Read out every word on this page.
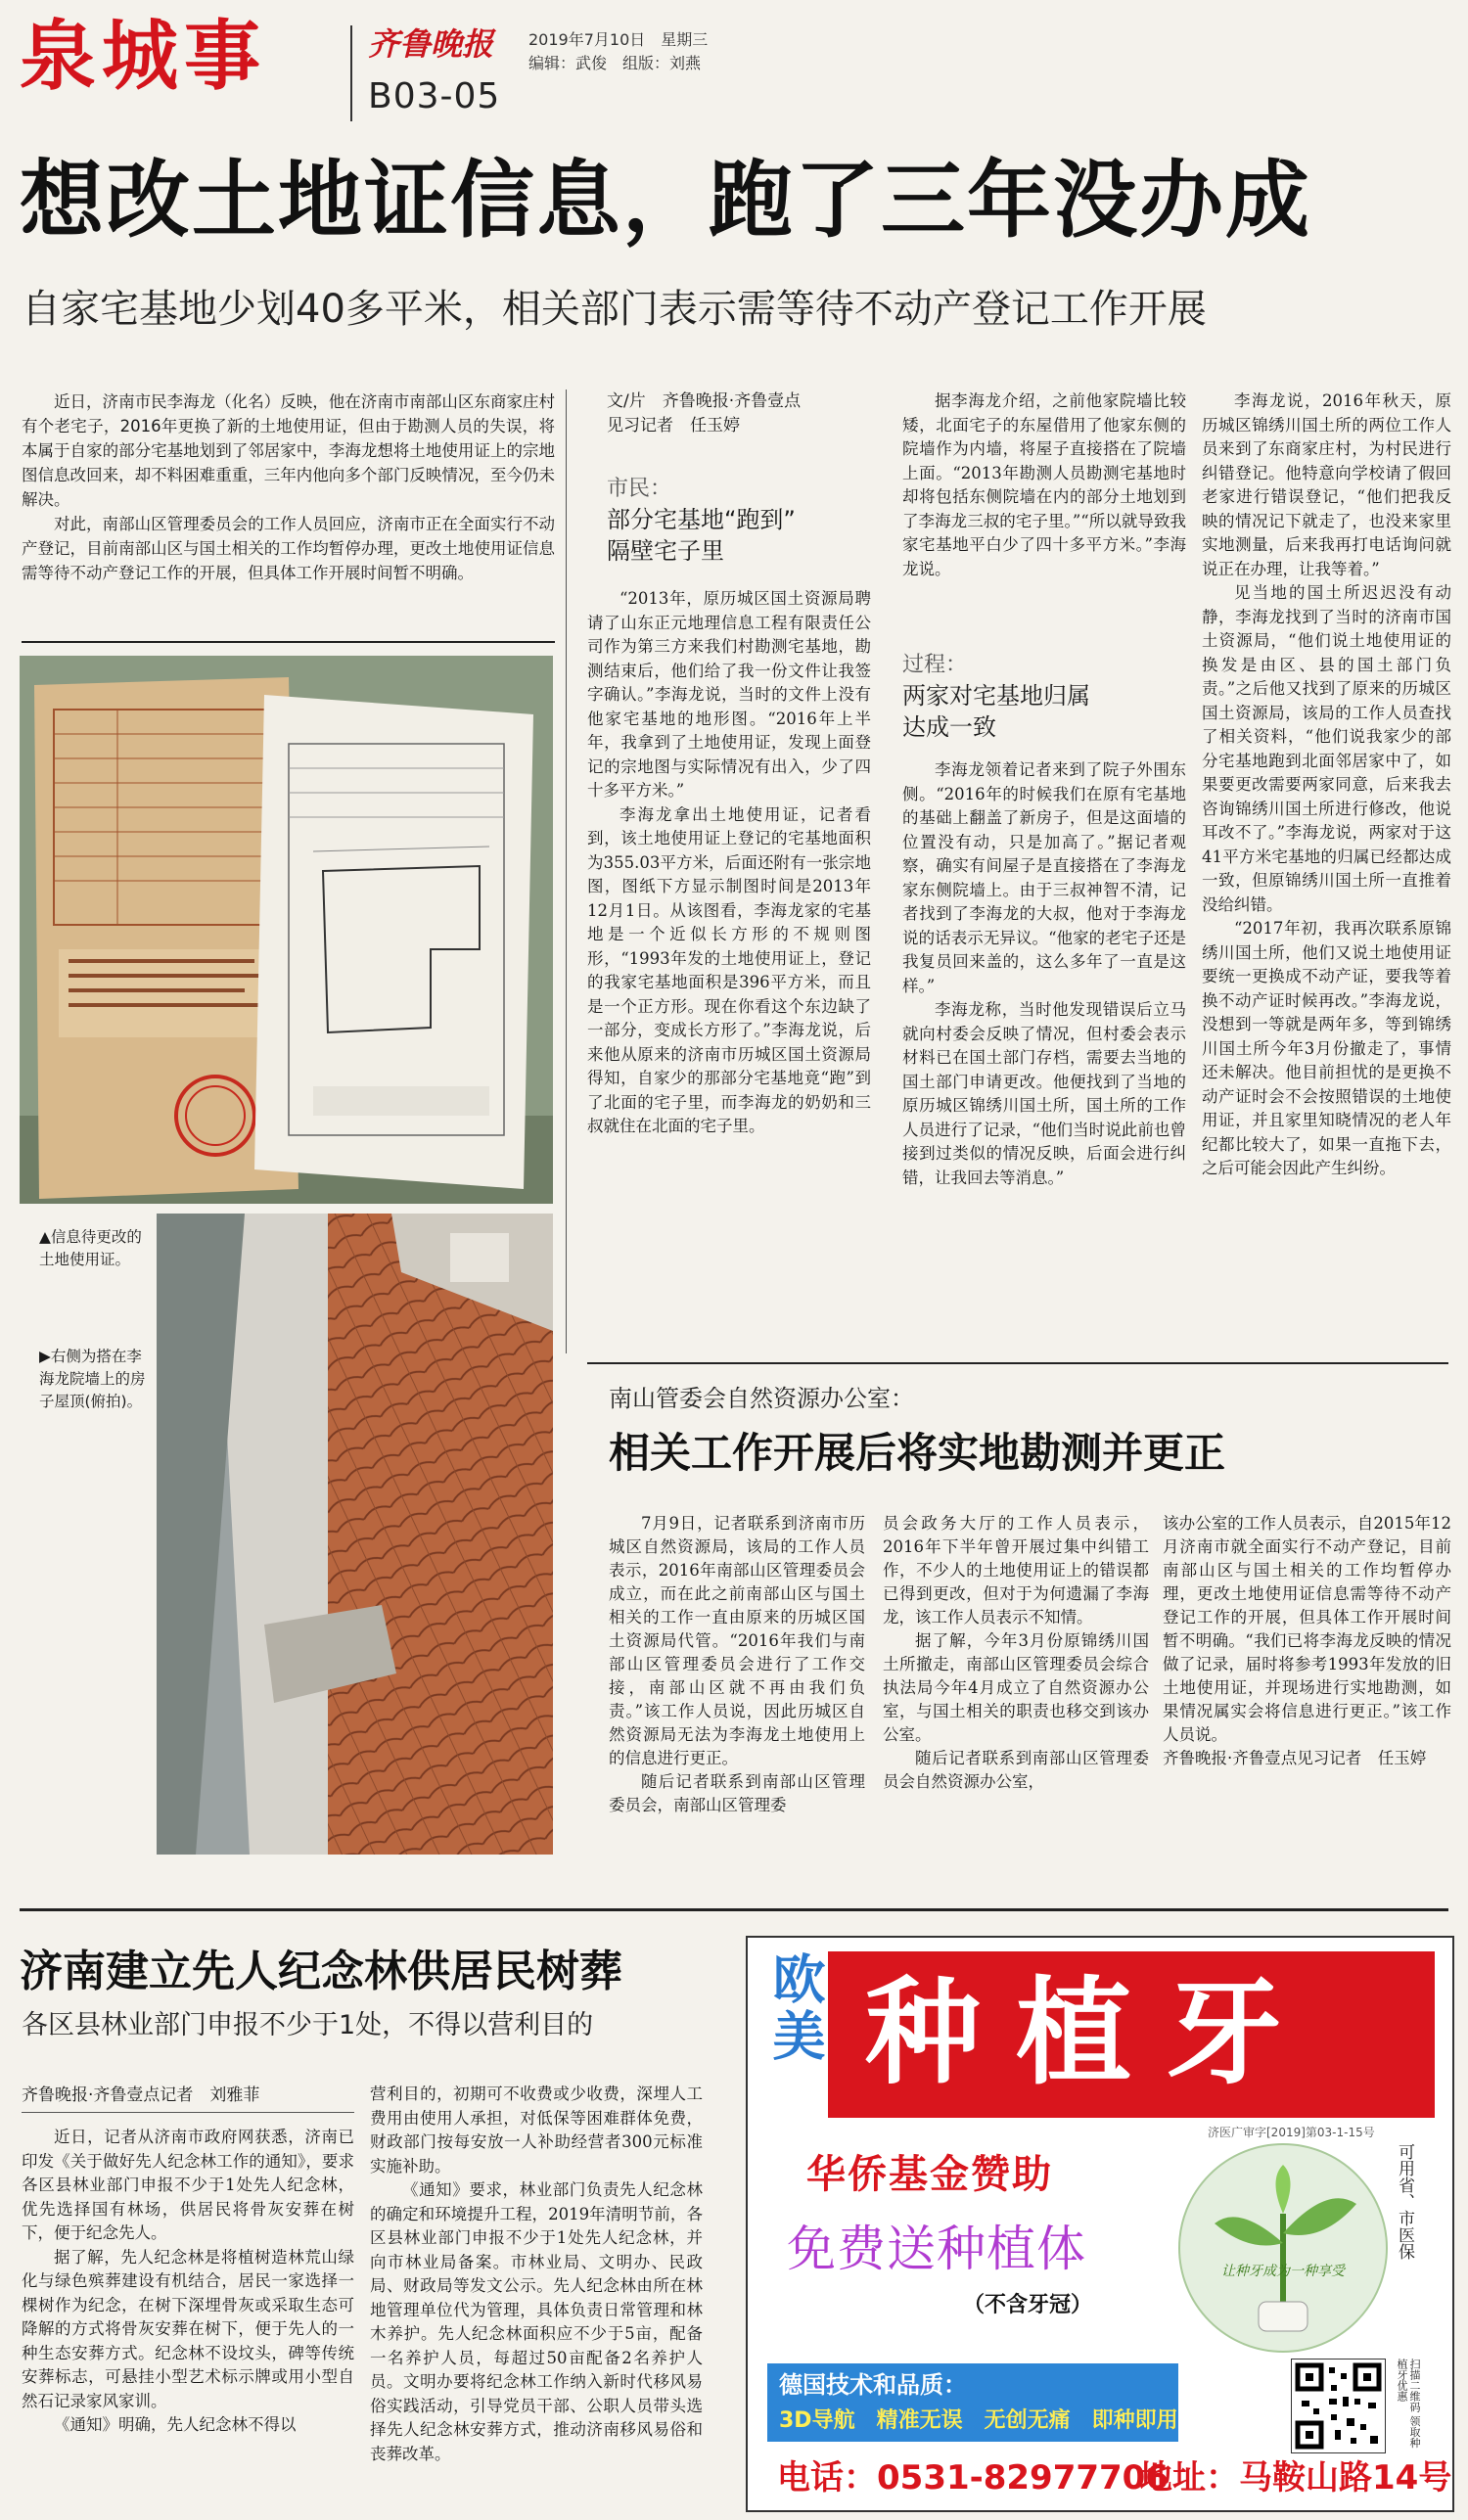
泉城事	齐鲁晚报 2019年7月10日　星期三
编辑：武俊　组版：刘燕
B03-05
想改土地证信息，跑了三年没办成
自家宅基地少划40多平米，相关部门表示需等待不动产登记工作开展

近日，济南市民李海龙（化名）反映，他在济南市南部山区东商家庄村有个老宅子，2016年更换了新的土地使用证，但由于勘测人员的失误，将本属于自家的部分宅基地划到了邻居家中，李海龙想将土地使用证上的宗地图信息改回来，却不料困难重重，三年内他向多个部门反映情况，至今仍未解决。

对此，南部山区管理委员会的工作人员回应，济南市正在全面实行不动产登记，目前南部山区与国土相关的工作均暂停办理，更改土地使用证信息需等待不动产登记工作的开展，但具体工作开展时间暂不明确。

▲信息待更改的土地使用证。
▶右侧为搭在李海龙院墙上的房子屋顶(俯拍)。
文/片　齐鲁晚报·齐鲁壹点
见习记者　任玉婷
市民：
部分宅基地“跑到”
隔壁宅子里

“2013年，原历城区国土资源局聘请了山东正元地理信息工程有限责任公司作为第三方来我们村勘测宅基地，勘测结束后，他们给了我一份文件让我签字确认。”李海龙说，当时的文件上没有他家宅基地的地形图。“2016年上半年，我拿到了土地使用证，发现上面登记的宗地图与实际情况有出入，少了四十多平方米。”

李海龙拿出土地使用证，记者看到，该土地使用证上登记的宅基地面积为355.03平方米，后面还附有一张宗地图，图纸下方显示制图时间是2013年12月1日。从该图看，李海龙家的宅基地是一个近似长方形的不规则图形，“1993年发的土地使用证上，登记的我家宅基地面积是396平方米，而且是一个正方形。现在你看这个东边缺了一部分，变成长方形了。”李海龙说，后来他从原来的济南市历城区国土资源局得知，自家少的那部分宅基地竟“跑”到了北面的宅子里，而李海龙的奶奶和三叔就住在北面的宅子里。

据李海龙介绍，之前他家院墙比较矮，北面宅子的东屋借用了他家东侧的院墙作为内墙，将屋子直接搭在了院墙上面。“2013年勘测人员勘测宅基地时却将包括东侧院墙在内的部分土地划到了李海龙三叔的宅子里。”“所以就导致我家宅基地平白少了四十多平方米。”李海龙说。

过程：
两家对宅基地归属
达成一致

李海龙领着记者来到了院子外围东侧。“2016年的时候我们在原有宅基地的基础上翻盖了新房子，但是这面墙的位置没有动，只是加高了。”据记者观察，确实有间屋子是直接搭在了李海龙家东侧院墙上。由于三叔神智不清，记者找到了李海龙的大叔，他对于李海龙说的话表示无异议。“他家的老宅子还是我复员回来盖的，这么多年了一直是这样。”

李海龙称，当时他发现错误后立马就向村委会反映了情况，但村委会表示材料已在国土部门存档，需要去当地的国土部门申请更改。他便找到了当地的原历城区锦绣川国土所，国土所的工作人员进行了记录，“他们当时说此前也曾接到过类似的情况反映，后面会进行纠错，让我回去等消息。”

李海龙说，2016年秋天，原历城区锦绣川国土所的两位工作人员来到了东商家庄村，为村民进行纠错登记。他特意向学校请了假回老家进行错误登记，“他们把我反映的情况记下就走了，也没来家里实地测量，后来我再打电话询问就说正在办理，让我等着。”

见当地的国土所迟迟没有动静，李海龙找到了当时的济南市国土资源局，“他们说土地使用证的换发是由区、县的国土部门负责。”之后他又找到了原来的历城区国土资源局，该局的工作人员查找了相关资料，“他们说我家少的部分宅基地跑到北面邻居家中了，如果要更改需要两家同意，后来我去咨询锦绣川国土所进行修改，他说耳改不了。”李海龙说，两家对于这41平方米宅基地的归属已经都达成一致，但原锦绣川国土所一直推着没给纠错。

“2017年初，我再次联系原锦绣川国土所，他们又说土地使用证要统一更换成不动产证，要我等着换不动产证时候再改。”李海龙说，没想到一等就是两年多，等到锦绣川国土所今年3月份撤走了，事情还未解决。他目前担忧的是更换不动产证时会不会按照错误的土地使用证，并且家里知晓情况的老人年纪都比较大了，如果一直拖下去，之后可能会因此产生纠纷。

南山管委会自然资源办公室：
相关工作开展后将实地勘测并更正

7月9日，记者联系到济南市历城区自然资源局，该局的工作人员表示，2016年南部山区管理委员会成立，而在此之前南部山区与国土相关的工作一直由原来的历城区国土资源局代管。“2016年我们与南部山区管理委员会进行了工作交接，南部山区就不再由我们负责。”该工作人员说，因此历城区自然资源局无法为李海龙土地使用上的信息进行更正。

随后记者联系到南部山区管理委员会，南部山区管理委

员会政务大厅的工作人员表示，2016年下半年曾开展过集中纠错工作，不少人的土地使用证上的错误都已得到更改，但对于为何遗漏了李海龙，该工作人员表示不知情。

据了解，今年3月份原锦绣川国土所撤走，南部山区管理委员会综合执法局今年4月成立了自然资源办公室，与国土相关的职责也移交到该办公室。

随后记者联系到南部山区管理委员会自然资源办公室，

该办公室的工作人员表示，自2015年12月济南市就全面实行不动产登记，目前南部山区与国土相关的工作均暂停办理，更改土地使用证信息需等待不动产登记工作的开展，但具体工作开展时间暂不明确。“我们已将李海龙反映的情况做了记录，届时将参考1993年发放的旧土地使用证，并现场进行实地勘测，如果情况属实会将信息进行更正。”该工作人员说。

齐鲁晚报·齐鲁壹点见习记者　任玉婷

济南建立先人纪念林供居民树葬
各区县林业部门申报不少于1处，不得以营利目的
齐鲁晚报·齐鲁壹点记者　刘雅菲

近日，记者从济南市政府网获悉，济南已印发《关于做好先人纪念林工作的通知》，要求各区县林业部门申报不少于1处先人纪念林，优先选择国有林场，供居民将骨灰安葬在树下，便于纪念先人。

据了解，先人纪念林是将植树造林荒山绿化与绿色殡葬建设有机结合，居民一家选择一棵树作为纪念，在树下深埋骨灰或采取生态可降解的方式将骨灰安葬在树下，便于先人的一种生态安葬方式。纪念林不设坟头，碑等传统安葬标志，可悬挂小型艺术标示牌或用小型自然石记录家风家训。

《通知》明确，先人纪念林不得以

营利目的，初期可不收费或少收费，深埋人工费用由使用人承担，对低保等困难群体免费，财政部门按每安放一人补助经营者300元标准实施补助。

《通知》要求，林业部门负责先人纪念林的确定和环境提升工程，2019年清明节前，各区县林业部门申报不少于1处先人纪念林，并向市林业局备案。市林业局、文明办、民政局、财政局等发文公示。先人纪念林由所在林地管理单位代为管理，具体负责日常管理和林木养护。先人纪念林面积应不少于5亩，配备一名养护人员，每超过50亩配备2名养护人员。文明办要将纪念林工作纳入新时代移风易俗实践活动，引导党员干部、公职人员带头选择先人纪念林安葬方式，推动济南移风易俗和丧葬改革。

欧美 种植牙
济医广审字[2019]第03-1-15号
华侨基金赞助
免费送种植体
（不含牙冠）
让种牙成为一种享受
可用省、市医保
德国技术和品质：
3D导航　精准无误　无创无痛　即种即用	扫描二维码 领取种植牙优惠
电话：0531-82977706
地址：马鞍山路14号
